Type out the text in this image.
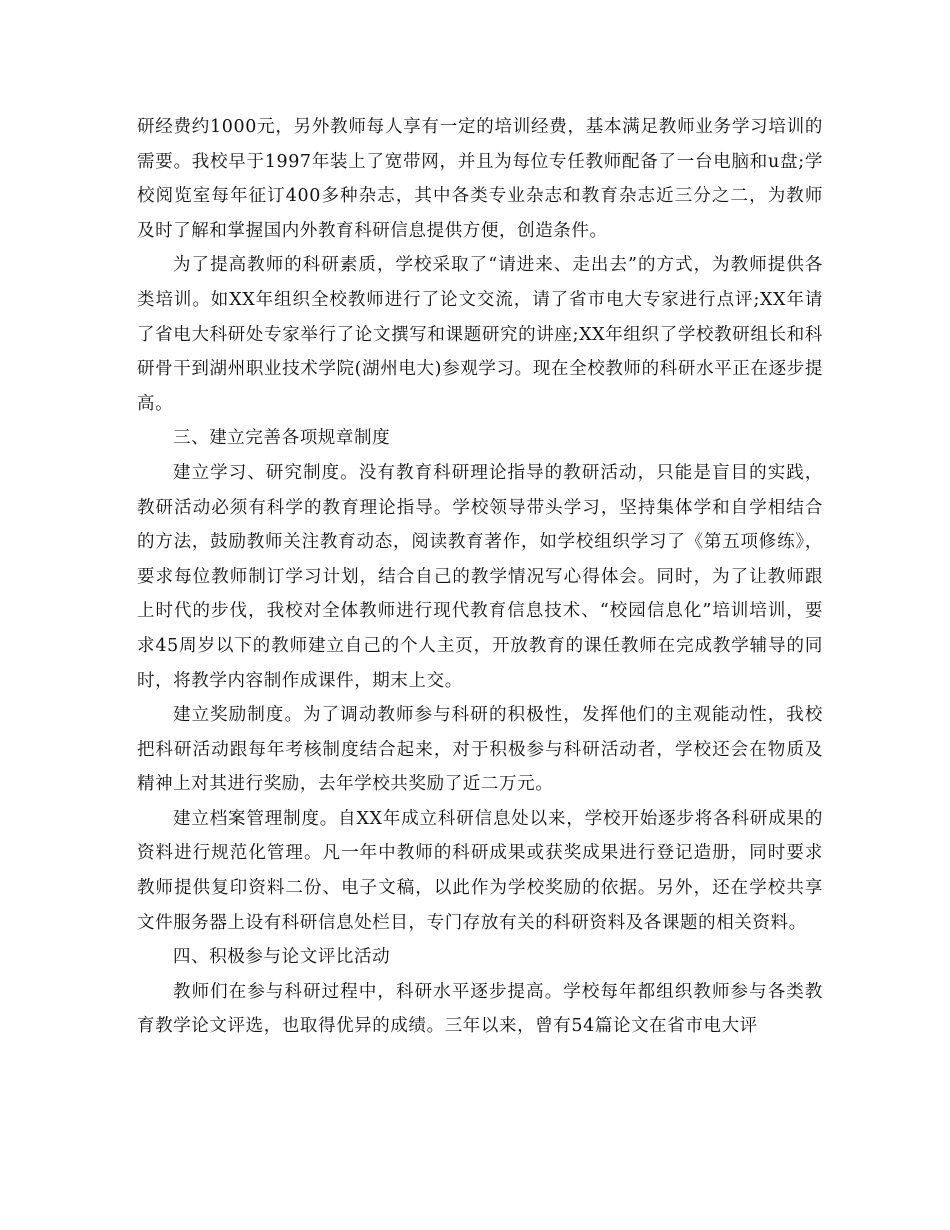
研经费约1000元，另外教师每人享有一定的培训经费，基本满足教师业务学习培训的需要。我校早于1997年装上了宽带网，并且为每位专任教师配备了一台电脑和u盘;学校阅览室每年征订400多种杂志，其中各类专业杂志和教育杂志近三分之二，为教师及时了解和掌握国内外教育科研信息提供方便，创造条件。

为了提高教师的科研素质，学校采取了“请进来、走出去”的方式，为教师提供各类培训。如XX年组织全校教师进行了论文交流，请了省市电大专家进行点评;XX年请了省电大科研处专家举行了论文撰写和课题研究的讲座;XX年组织了学校教研组长和科研骨干到湖州职业技术学院(湖州电大)参观学习。现在全校教师的科研水平正在逐步提高。

三、建立完善各项规章制度

建立学习、研究制度。没有教育科研理论指导的教研活动，只能是盲目的实践，教研活动必须有科学的教育理论指导。学校领导带头学习，坚持集体学和自学相结合的方法，鼓励教师关注教育动态，阅读教育著作，如学校组织学习了《第五项修练》，要求每位教师制订学习计划，结合自己的教学情况写心得体会。同时，为了让教师跟上时代的步伐，我校对全体教师进行现代教育信息技术、“校园信息化”培训培训，要求45周岁以下的教师建立自己的个人主页，开放教育的课任教师在完成教学辅导的同时，将教学内容制作成课件，期末上交。

建立奖励制度。为了调动教师参与科研的积极性，发挥他们的主观能动性，我校把科研活动跟每年考核制度结合起来，对于积极参与科研活动者，学校还会在物质及精神上对其进行奖励，去年学校共奖励了近二万元。

建立档案管理制度。自XX年成立科研信息处以来，学校开始逐步将各科研成果的资料进行规范化管理。凡一年中教师的科研成果或获奖成果进行登记造册，同时要求教师提供复印资料二份、电子文稿，以此作为学校奖励的依据。另外，还在学校共享文件服务器上设有科研信息处栏目，专门存放有关的科研资料及各课题的相关资料。

四、积极参与论文评比活动

教师们在参与科研过程中，科研水平逐步提高。学校每年都组织教师参与各类教育教学论文评选，也取得优异的成绩。三年以来，曾有54篇论文在省市电大评
